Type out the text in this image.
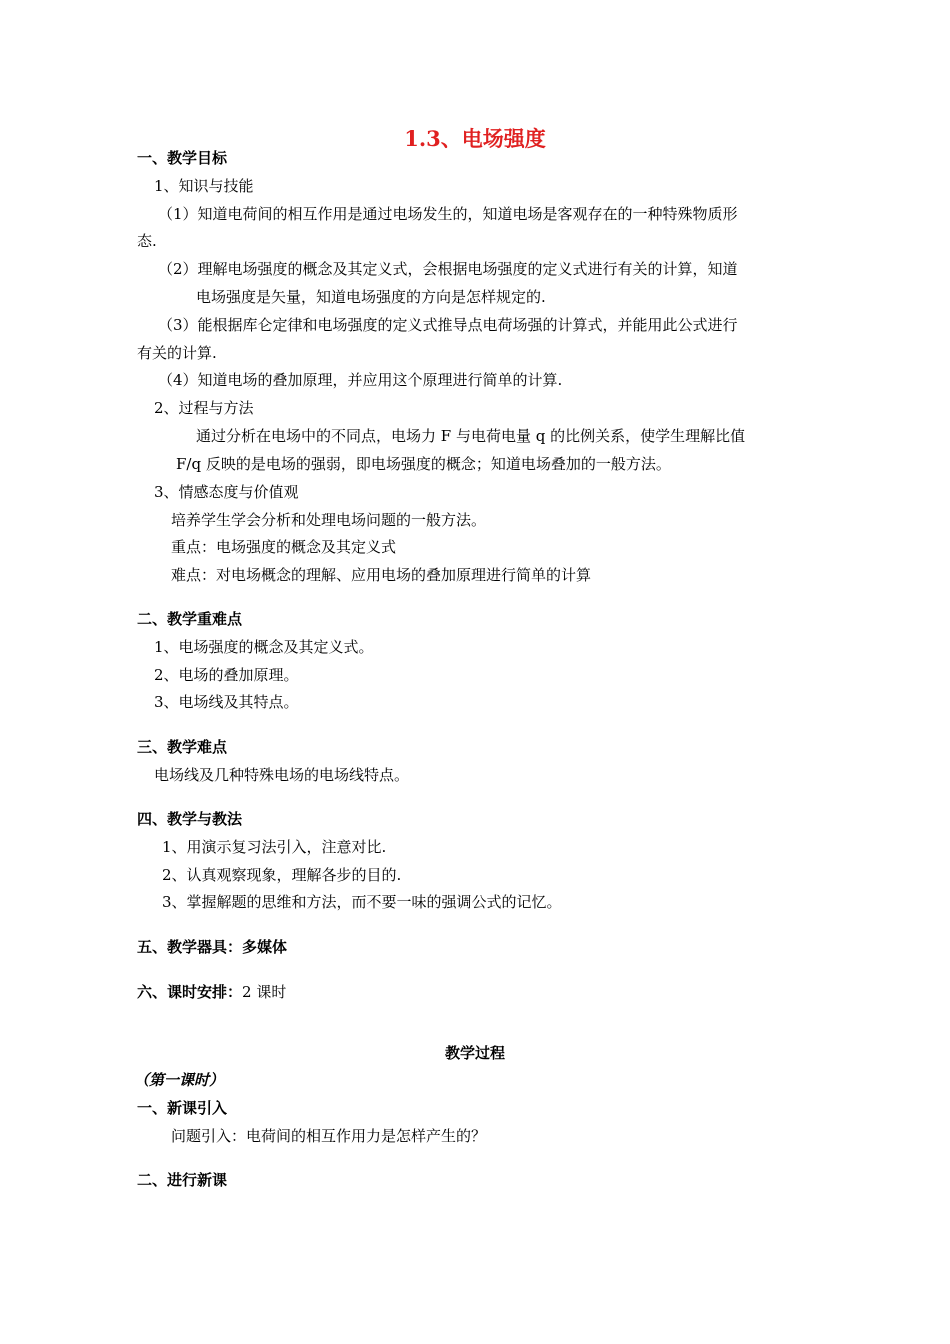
1.3、电场强度
一、教学目标
1、知识与技能
（1）知道电荷间的相互作用是通过电场发生的，知道电场是客观存在的一种特殊物质形
态.
（2）理解电场强度的概念及其定义式，会根据电场强度的定义式进行有关的计算，知道
电场强度是矢量，知道电场强度的方向是怎样规定的.
（3）能根据库仑定律和电场强度的定义式推导点电荷场强的计算式，并能用此公式进行
有关的计算.
（4）知道电场的叠加原理，并应用这个原理进行简单的计算.
2、过程与方法
通过分析在电场中的不同点，电场力 F 与电荷电量 q 的比例关系，使学生理解比值
F/q 反映的是电场的强弱，即电场强度的概念；知道电场叠加的一般方法。
3、情感态度与价值观
培养学生学会分析和处理电场问题的一般方法。
重点：电场强度的概念及其定义式
难点：对电场概念的理解、应用电场的叠加原理进行简单的计算
二、教学重难点
1、电场强度的概念及其定义式。
2、电场的叠加原理。
3、电场线及其特点。
三、教学难点
电场线及几种特殊电场的电场线特点。
四、教学与教法
1、用演示复习法引入，注意对比.
2、认真观察现象，理解各步的目的.
3、掌握解题的思维和方法，而不要一味的强调公式的记忆。
五、教学器具：多媒体
六、课时安排：2 课时
教学过程
（第一课时）
一、新课引入
问题引入：电荷间的相互作用力是怎样产生的？
二、进行新课
